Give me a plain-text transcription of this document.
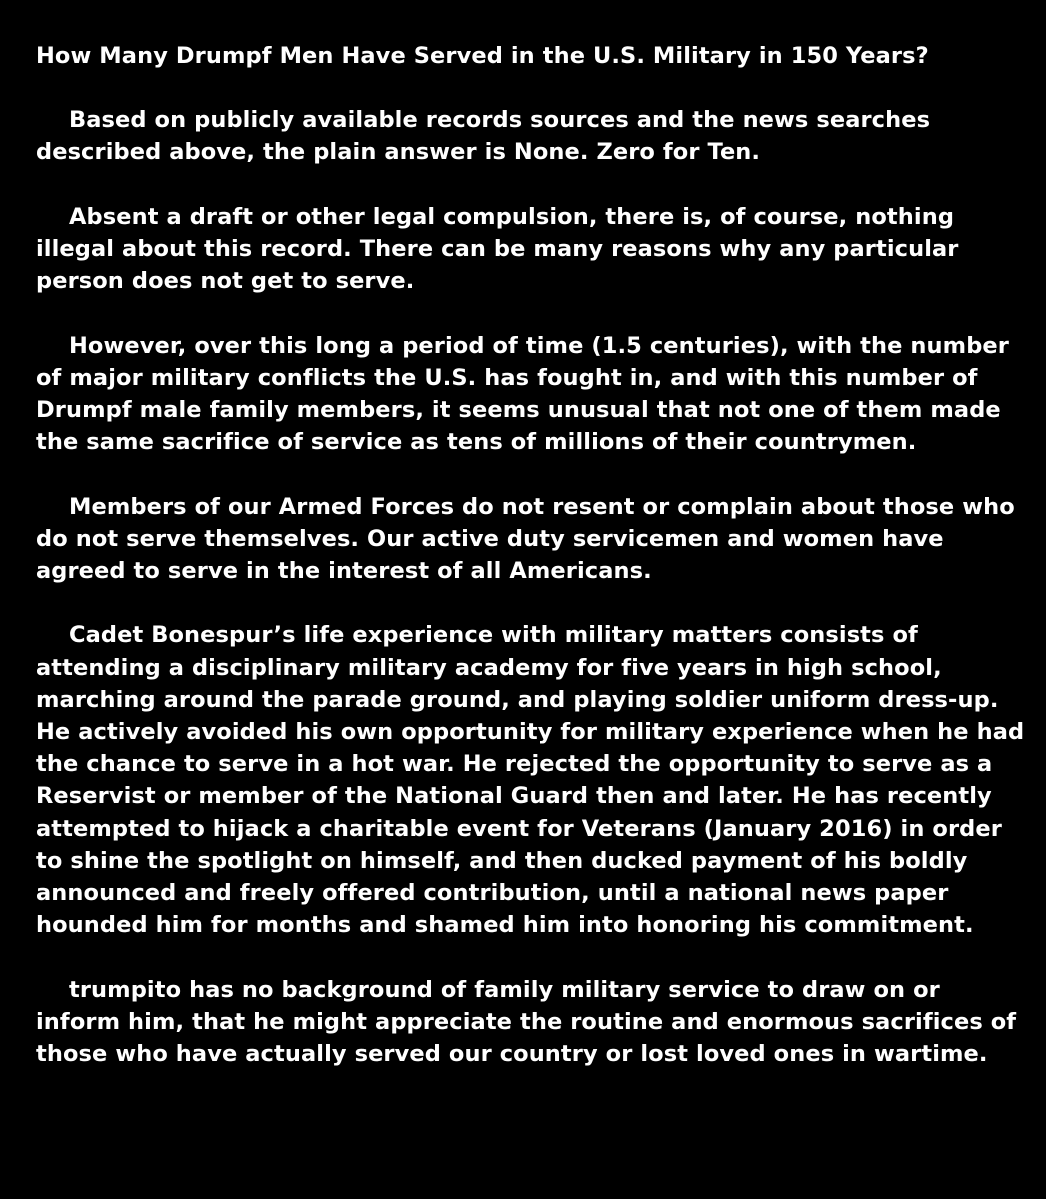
How Many Drumpf Men Have Served in the U.S. Military in 150 Years?

Based on publicly available records sources and the news searches described above, the plain answer is None. Zero for Ten.

Absent a draft or other legal compulsion, there is, of course, nothing illegal about this record. There can be many reasons why any particular person does not get to serve.

However, over this long a period of time (1.5 centuries), with the number of major military conflicts the U.S. has fought in, and with this number of Drumpf male family members, it seems unusual that not one of them made the same sacrifice of service as tens of millions of their countrymen.

Members of our Armed Forces do not resent or complain about those who do not serve themselves. Our active duty servicemen and women have agreed to serve in the interest of all Americans.

Cadet Bonespur’s life experience with military matters consists of attending a disciplinary military academy for five years in high school, marching around the parade ground, and playing soldier uniform dress-up. He actively avoided his own opportunity for military experience when he had the chance to serve in a hot war. He rejected the opportunity to serve as a Reservist or member of the National Guard then and later. He has recently attempted to hijack a charitable event for Veterans (January 2016) in order to shine the spotlight on himself, and then ducked payment of his boldly announced and freely offered contribution, until a national news paper hounded him for months and shamed him into honoring his commitment.

trumpito has no background of family military service to draw on or inform him, that he might appreciate the routine and enormous sacrifices of those who have actually served our country or lost loved ones in wartime.
